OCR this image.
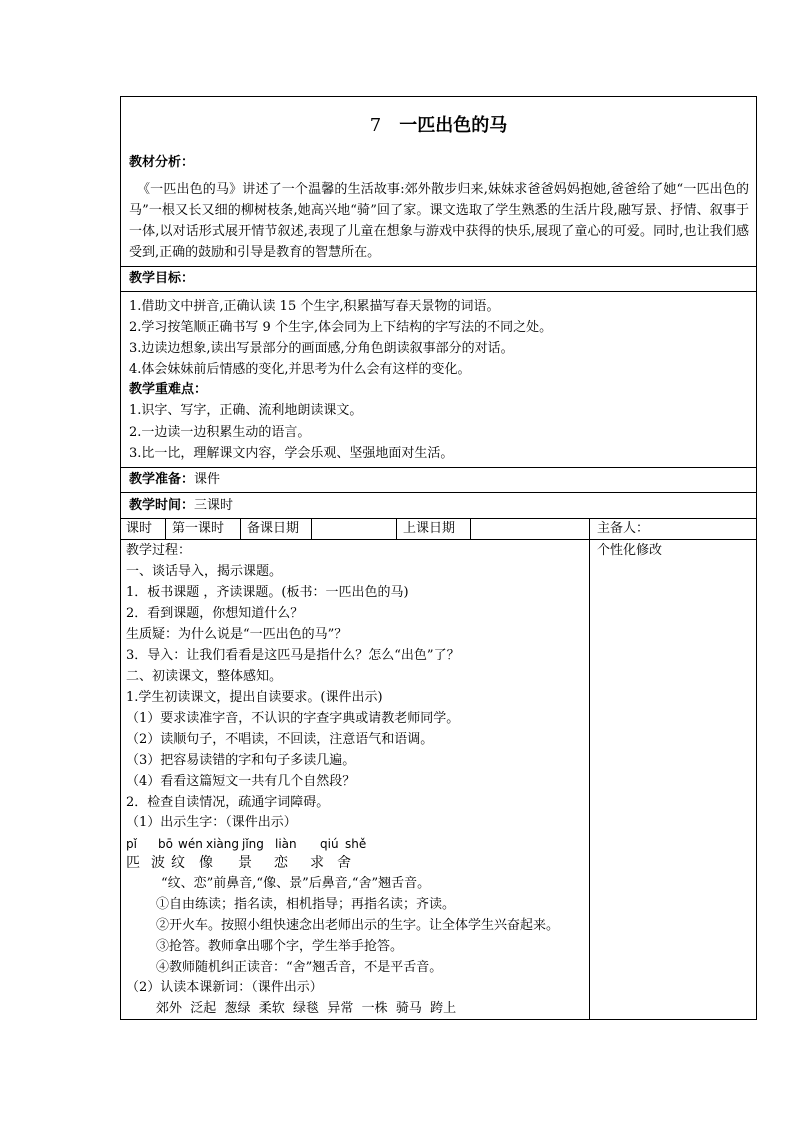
7 一匹出色的马
教材分析：
《一匹出色的马》讲述了一个温馨的生活故事:郊外散步归来,妹妹求爸爸妈妈抱她,爸爸给了她“一匹出色的马”一根又长又细的柳树枝条,她高兴地“骑”回了家。课文选取了学生熟悉的生活片段,融写景、抒情、叙事于一体,以对话形式展开情节叙述,表现了儿童在想象与游戏中获得的快乐,展现了童心的可爱。同时,也让我们感受到,正确的鼓励和引导是教育的智慧所在。
教学目标：
1.借助文中拼音,正确认读 15 个生字,积累描写春天景物的词语。
2.学习按笔顺正确书写 9 个生字,体会同为上下结构的字写法的不同之处。
3.边读边想象,读出写景部分的画面感,分角色朗读叙事部分的对话。
4.体会妹妹前后情感的变化,并思考为什么会有这样的变化。
教学重难点：
1.识字、写字，正确、流利地朗读课文。
2.一边读一边积累生动的语言。
3.比一比，理解课文内容，学会乐观、坚强地面对生活。
教学准备：课件
教学时间：三课时
课时 第一课时 备课日期	上课日期	主备人：
个性化修改
教学过程：
一、谈话导入，揭示课题。
1．板书课题 ，齐读课题。(板书：一匹出色的马)
2．看到课题，你想知道什么？
生质疑：为什么说是“一匹出色的马”？
3．导入：让我们看看是这匹马是指什么？怎么“出色”了？
二、初读课文，整体感知。
1.学生初读课文，提出自读要求。(课件出示)
（1）要求读准字音，不认识的字查字典或请教老师同学。
（2）读顺句子，不唱读，不回读，注意语气和语调。
（3）把容易读错的字和句子多读几遍。
（4）看看这篇短文一共有几个自然段？
2．检查自读情况，疏通字词障碍。
（1）出示生字：（课件出示）
pǐ bō wén xiàng jǐng liàn qiú shě
匹 波 纹 像 景 恋 求 舍
“纹、恋”前鼻音,“像、景”后鼻音,“舍”翘舌音。
①自由练读；指名读，相机指导；再指名读；齐读。
②开火车。按照小组快速念出老师出示的生字。让全体学生兴奋起来。
③抢答。教师拿出哪个字，学生举手抢答。
④教师随机纠正读音：“舍”翘舌音，不是平舌音。
（2）认读本课新词：（课件出示）
郊外  泛起  葱绿  柔软  绿毯  异常  一株  骑马  跨上
